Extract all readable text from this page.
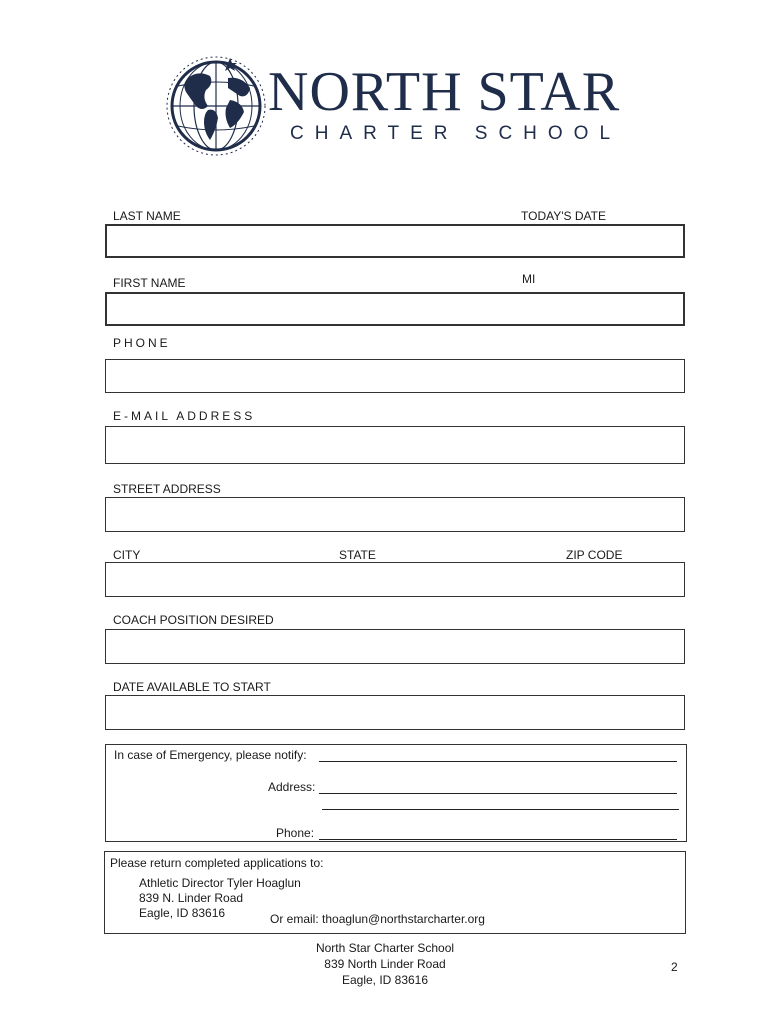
NORTH STAR
CHARTER SCHOOL
LAST NAME	TODAY'S DATE
FIRST NAME	MI
PHONE
E-MAIL ADDRESS
STREET ADDRESS
CITY	STATE	ZIP CODE
COACH POSITION DESIRED
DATE AVAILABLE TO START
In case of Emergency, please notify:
Address:
Phone:
Please return completed applications to:
Athletic Director Tyler Hoaglun
839 N. Linder Road
Eagle, ID 83616	Or email: thoaglun@northstarcharter.org
North Star Charter School
839 North Linder Road
Eagle, ID 83616
2
